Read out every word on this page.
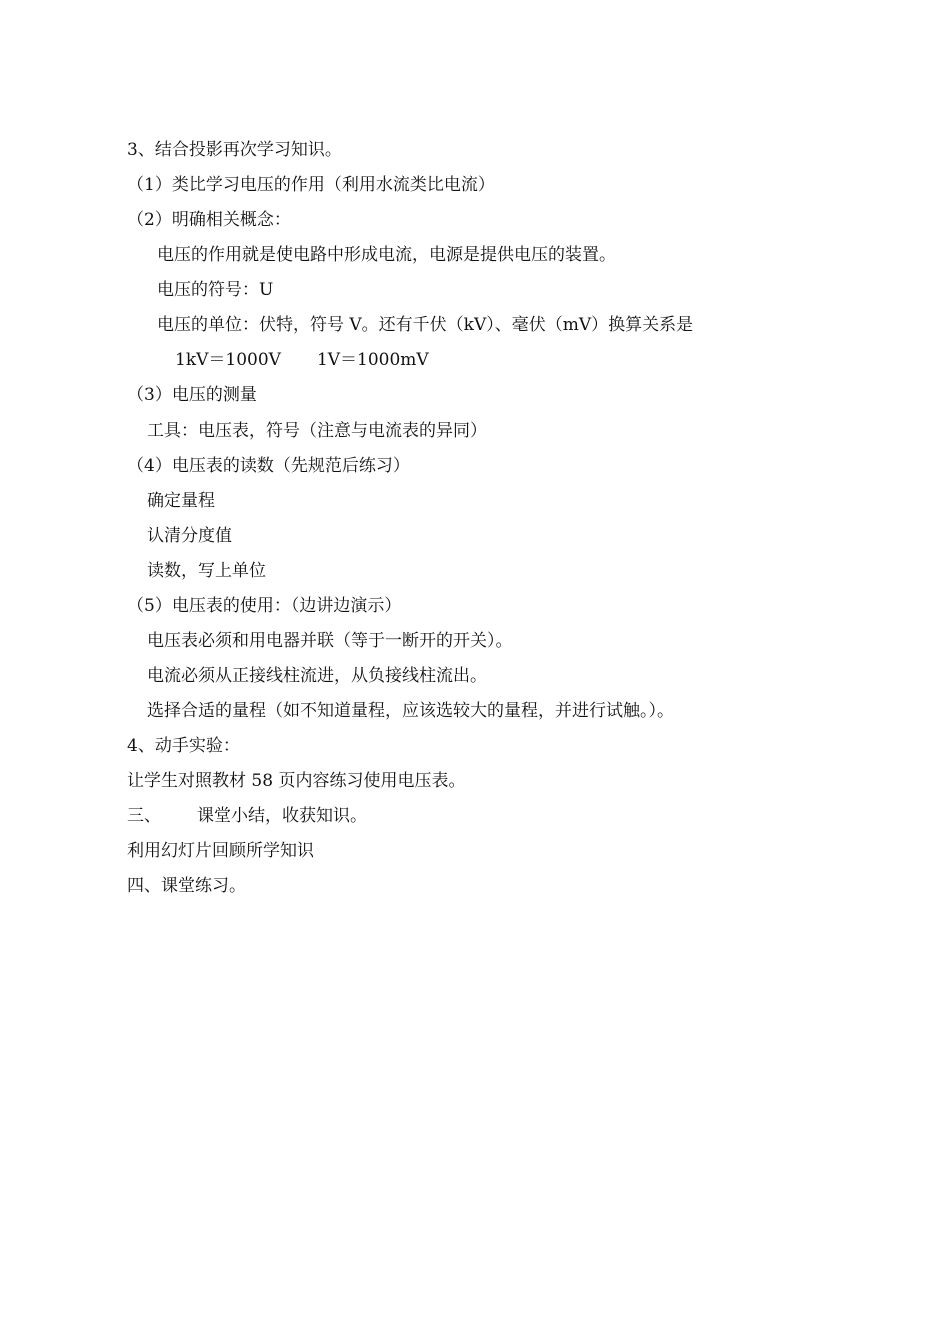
3、结合投影再次学习知识。
（1）类比学习电压的作用（利用水流类比电流）
（2）明确相关概念：
电压的作用就是使电路中形成电流，电源是提供电压的装置。
电压的符号：U
电压的单位：伏特，符号 V。还有千伏（kV）、毫伏（mV）换算关系是
1kV＝1000V 1V＝1000mV
（3）电压的测量
工具：电压表，符号（注意与电流表的异同）
（4）电压表的读数（先规范后练习）
确定量程
认清分度值
读数，写上单位
（5）电压表的使用：（边讲边演示）
电压表必须和用电器并联（等于一断开的开关）。
电流必须从正接线柱流进，从负接线柱流出。
选择合适的量程（如不知道量程，应该选较大的量程，并进行试触。）。
4、动手实验：
让学生对照教材 58 页内容练习使用电压表。
三、 课堂小结，收获知识。
利用幻灯片回顾所学知识
四、课堂练习。
